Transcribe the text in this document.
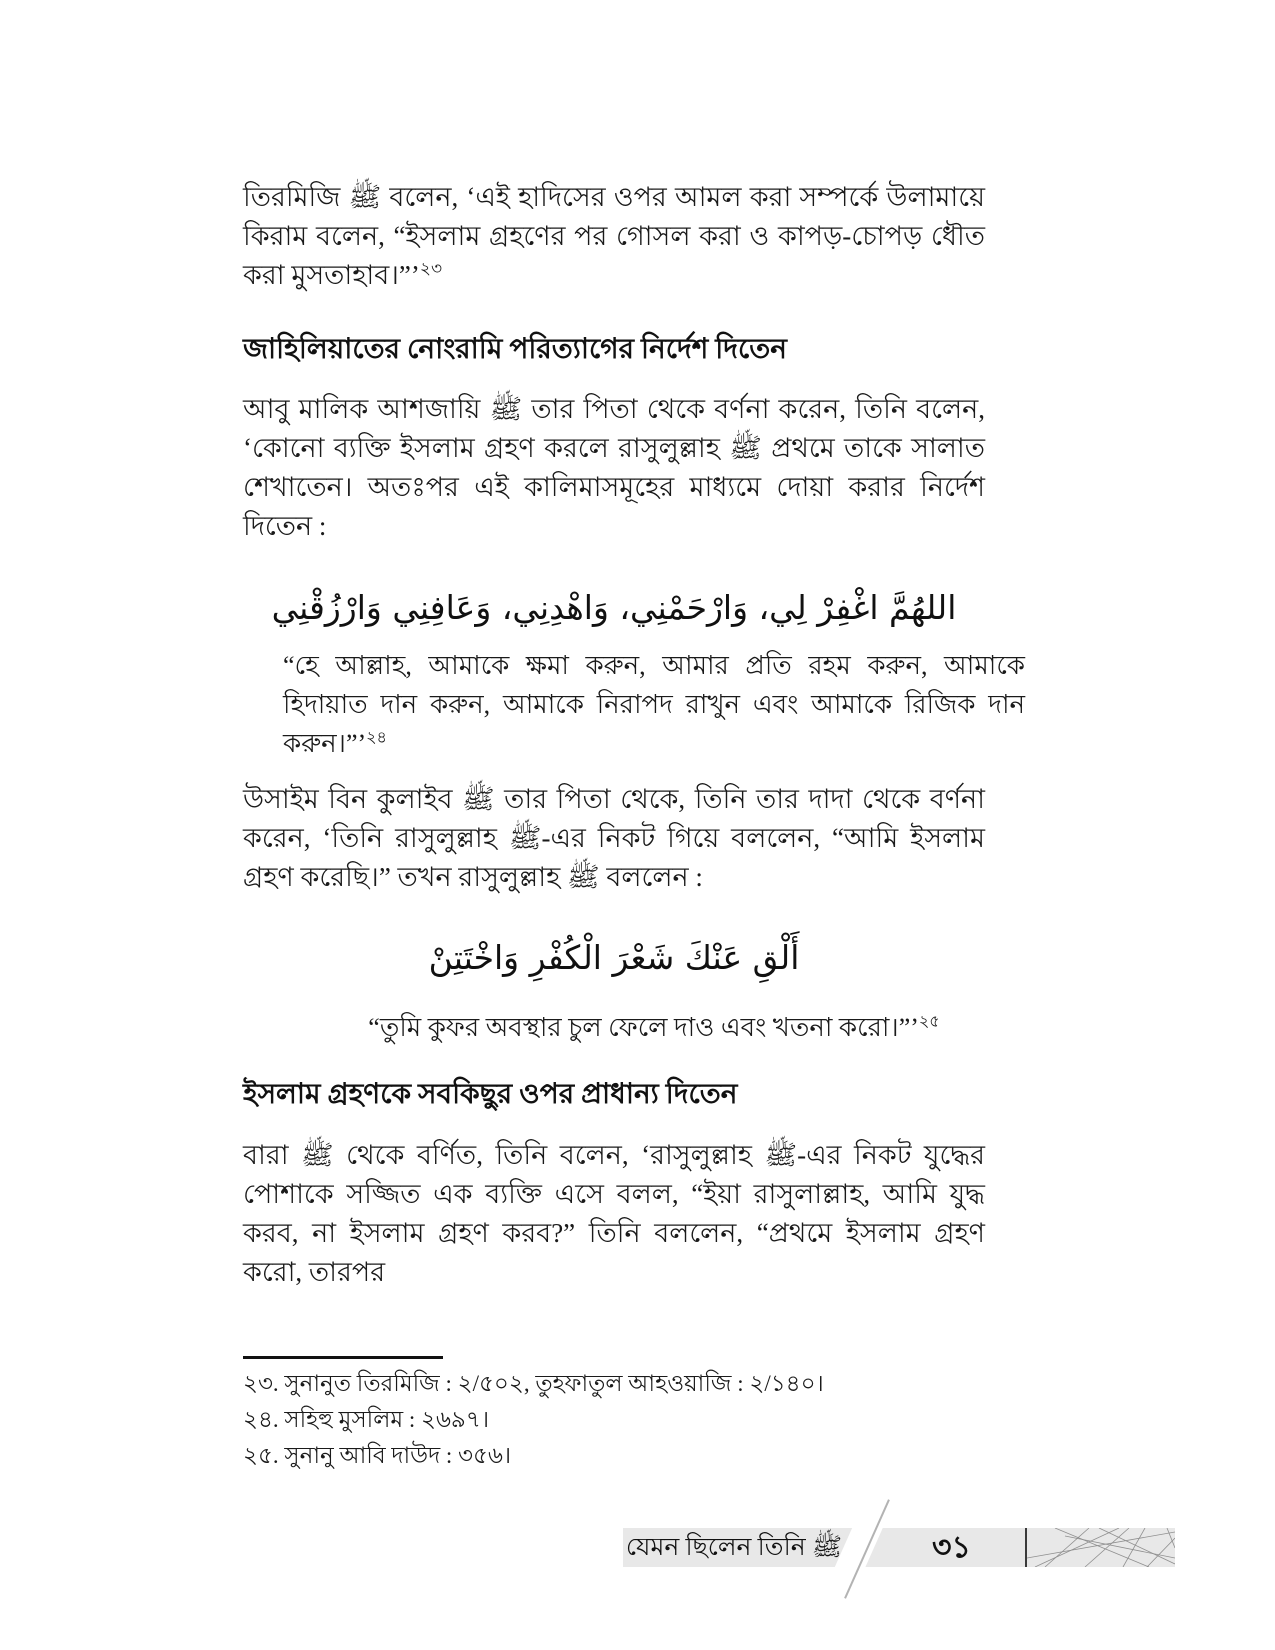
তিরমিজি ﷺ বলেন, ‘এই হাদিসের ওপর আমল করা সম্পর্কে উলামায়ে কিরাম বলেন, “ইসলাম গ্রহণের পর গোসল করা ও কাপড়-চোপড় ধৌত করা মুসতাহাব।”’$^{২৩}$

জাহিলিয়াতের নোংরামি পরিত্যাগের নির্দেশ দিতেন

আবু মালিক আশজায়ি ﷺ তার পিতা থেকে বর্ণনা করেন, তিনি বলেন, ‘কোনো ব্যক্তি ইসলাম গ্রহণ করলে রাসুলুল্লাহ ﷺ প্রথমে তাকে সালাত শেখাতেন। অতঃপর এই কালিমাসমূহের মাধ্যমে দোয়া করার নির্দেশ দিতেন :

اللهُمَّ اغْفِرْ لِي، وَارْحَمْنِي، وَاهْدِنِي، وَعَافِنِي وَارْزُقْنِي

“হে আল্লাহ, আমাকে ক্ষমা করুন, আমার প্রতি রহম করুন, আমাকে হিদায়াত দান করুন, আমাকে নিরাপদ রাখুন এবং আমাকে রিজিক দান করুন।”’$^{২৪}$

উসাইম বিন কুলাইব ﷺ তার পিতা থেকে, তিনি তার দাদা থেকে বর্ণনা করেন, ‘তিনি রাসুলুল্লাহ ﷺ-এর নিকট গিয়ে বললেন, “আমি ইসলাম গ্রহণ করেছি।” তখন রাসুলুল্লাহ ﷺ বললেন :

أَلْقِ عَنْكَ شَعْرَ الْكُفْرِ وَاخْتَتِنْ

“তুমি কুফর অবস্থার চুল ফেলে দাও এবং খতনা করো।”’$^{২৫}$

ইসলাম গ্রহণকে সবকিছুর ওপর প্রাধান্য দিতেন

বারা ﷺ থেকে বর্ণিত, তিনি বলেন, ‘রাসুলুল্লাহ ﷺ-এর নিকট যুদ্ধের পোশাকে সজ্জিত এক ব্যক্তি এসে বলল, “ইয়া রাসুলাল্লাহ, আমি যুদ্ধ করব, না ইসলাম গ্রহণ করব?” তিনি বললেন, “প্রথমে ইসলাম গ্রহণ করো, তারপর

২৩. সুনানুত তিরমিজি : ২/৫০২, তুহফাতুল আহওয়াজি : ২/১৪০।

২৪. সহিহু মুসলিম : ২৬৯৭।

২৫. সুনানু আবি দাউদ : ৩৫৬।

যেমন ছিলেন তিনি ﷺ	৩১
